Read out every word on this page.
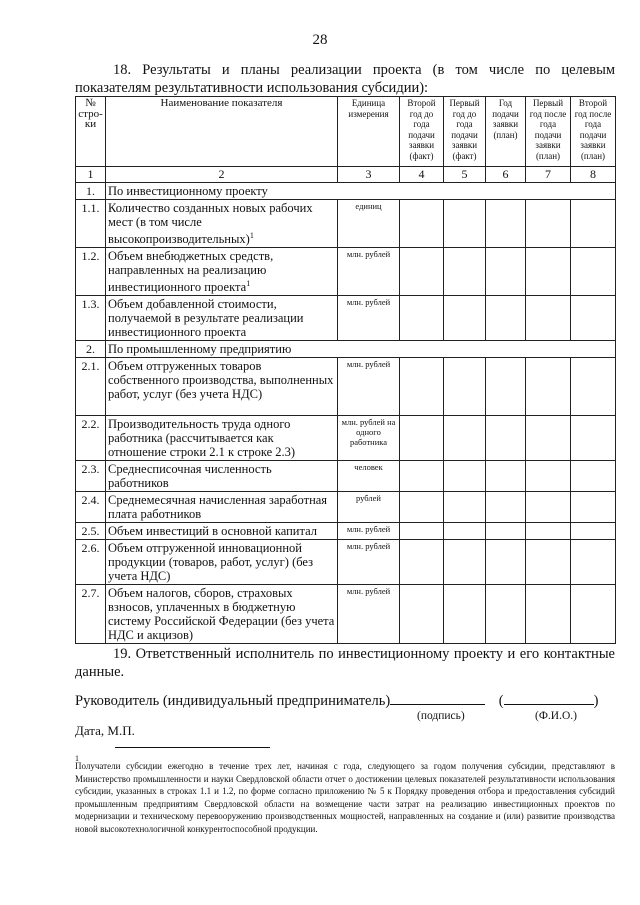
28
18. Результаты и планы реализации проекта (в том числе по целевым показателям результативности использования субсидии):
№ стро-ки	Наименование показателя	Единица измерения	Второй год до года подачи заявки (факт)	Первый год до года подачи заявки (факт)	Год подачи заявки (план)	Первый год после года подачи заявки (план)	Второй год после года подачи заявки (план)
1	2	3	4	5	6	7	8
1.	По инвестиционному проекту						
1.1.	Количество созданных новых рабочих мест (в том числе высокопроизводительных)$^1$	единиц					
1.2.	Объем внебюджетных средств, направленных на реализацию инвестиционного проекта$^1$	млн. рублей					
1.3.	Объем добавленной стоимости, получаемой в результате реализации инвестиционного проекта	млн. рублей					
2.	По промышленному предприятию						
2.1.	Объем отгруженных товаров собственного производства, выполненных работ, услуг (без учета НДС)	млн. рублей					
2.2.	Производительность труда одного работника (рассчитывается как отношение строки 2.1 к строке 2.3)	млн. рублей на одного работника					
2.3.	Среднесписочная численность работников	человек					
2.4.	Среднемесячная начисленная заработная плата работников	рублей					
2.5.	Объем инвестиций в основной капитал	млн. рублей					
2.6.	Объем отгруженной инновационной продукции (товаров, работ, услуг) (без учета НДС)	млн. рублей					
2.7.	Объем налогов, сборов, страховых взносов, уплаченных в бюджетную систему Российской Федерации (без учета НДС и акцизов)	млн. рублей					
19. Ответственный исполнитель по инвестиционному проекту и его контактные данные.
Руководитель (индивидуальный предприниматель)	(	)
(подпись)	(Ф.И.О.)
Дата, М.П.
1
Получатели субсидии ежегодно в течение трех лет, начиная с года, следующего за годом получения субсидии, представляют в Министерство промышленности и науки Свердловской области отчет о достижении целевых показателей результативности использования субсидии, указанных в строках 1.1 и 1.2, по форме согласно приложению № 5 к Порядку проведения отбора и предоставления субсидий промышленным предприятиям Свердловской области на возмещение части затрат на реализацию инвестиционных проектов по модернизации и техническому перевооружению производственных мощностей, направленных на создание и (или) развитие производства новой высокотехнологичной конкурентоспособной продукции.
